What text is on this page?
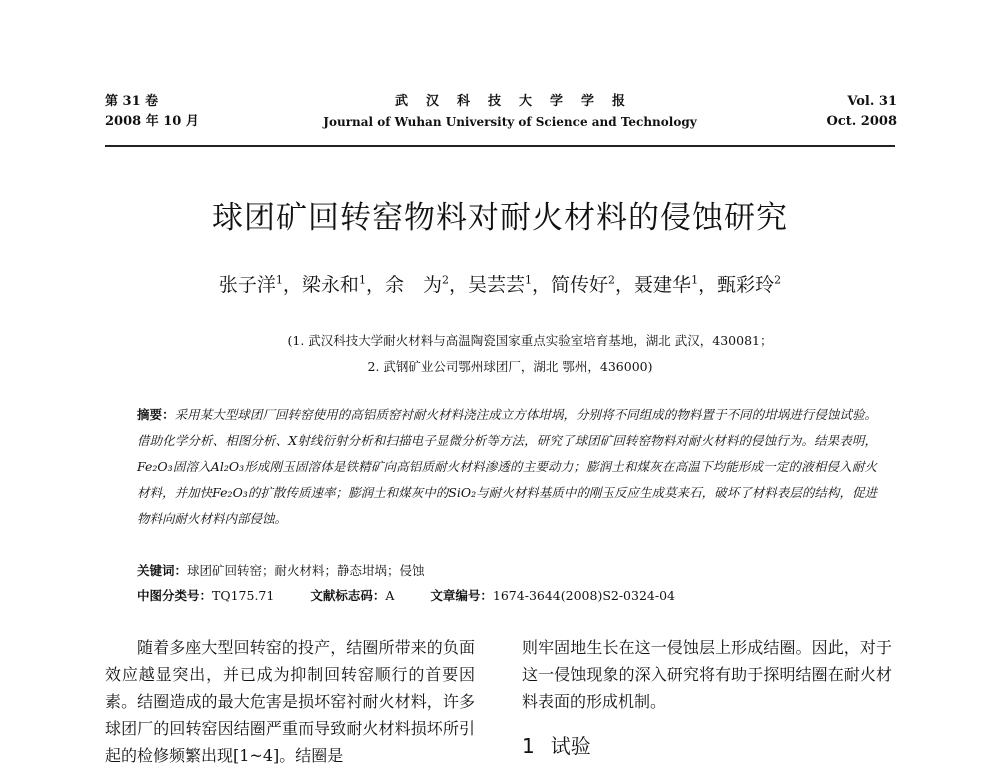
第 31 卷
2008 年 10 月
武汉科技大学学报
Journal of Wuhan University of Science and Technology
Vol. 31
Oct. 2008
球团矿回转窑物料对耐火材料的侵蚀研究
张子洋$^1$，梁永和$^1$，余　为$^2$，吴芸芸$^1$，简传好$^2$，聂建华$^1$，甄彩玲$^2$
(1. 武汉科技大学耐火材料与高温陶瓷国家重点实验室培育基地，湖北 武汉，430081；
2. 武钢矿业公司鄂州球团厂，湖北 鄂州，436000)
摘要：采用某大型球团厂回转窑使用的高铝质窑衬耐火材料浇注成立方体坩埚，分别将不同组成的物料置于不同的坩埚进行侵蚀试验。借助化学分析、相图分析、X射线衍射分析和扫描电子显微分析等方法，研究了球团矿回转窑物料对耐火材料的侵蚀行为。结果表明，Fe₂O₃固溶入Al₂O₃形成刚玉固溶体是铁精矿向高铝质耐火材料渗透的主要动力；膨润土和煤灰在高温下均能形成一定的液相侵入耐火材料，并加快Fe₂O₃的扩散传质速率；膨润土和煤灰中的SiO₂与耐火材料基质中的刚玉反应生成莫来石，破坏了材料表层的结构，促进物料向耐火材料内部侵蚀。
关键词：球团矿回转窑；耐火材料；静态坩埚；侵蚀
中图分类号：TQ175.71	文献标志码：A	文章编号：1674-3644(2008)S2-0324-04
随着多座大型回转窑的投产，结圈所带来的负面效应越显突出，并已成为抑制回转窑顺行的首要因素。结圈造成的最大危害是损坏窑衬耐火材料，许多球团厂的回转窑因结圈严重而导致耐火材料损坏所引起的检修频繁出现[1~4]。结圈是
则牢固地生长在这一侵蚀层上形成结圈。因此，对于这一侵蚀现象的深入研究将有助于探明结圈在耐火材料表面的形成机制。
1 试验
